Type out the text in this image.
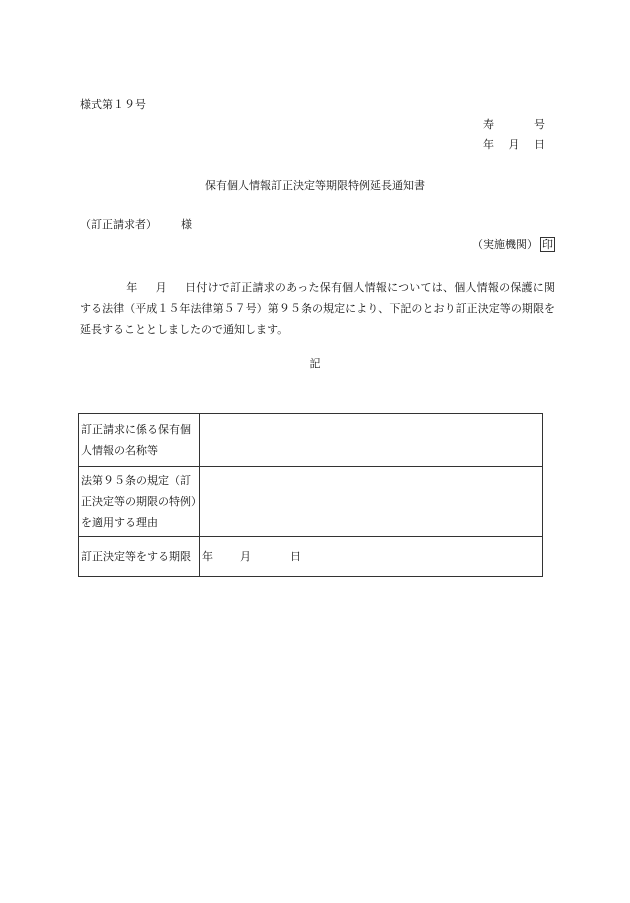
様式第１９号
寿	号
年 月 日
保有個人情報訂正決定等期限特例延長通知書
（訂正請求者） 様
（実施機関） 印
年 月 日付けで訂正請求のあった保有個人情報については、個人情報の保護に関する法律（平成１５年法律第５７号）第９５条の規定により、下記のとおり訂正決定等の期限を延長することとしましたので通知します。
記
訂正請求に係る保有個人情報の名称等	
法第９５条の規定（訂正決定等の期限の特例）を適用する理由	
訂正決定等をする期限	年 月 日
